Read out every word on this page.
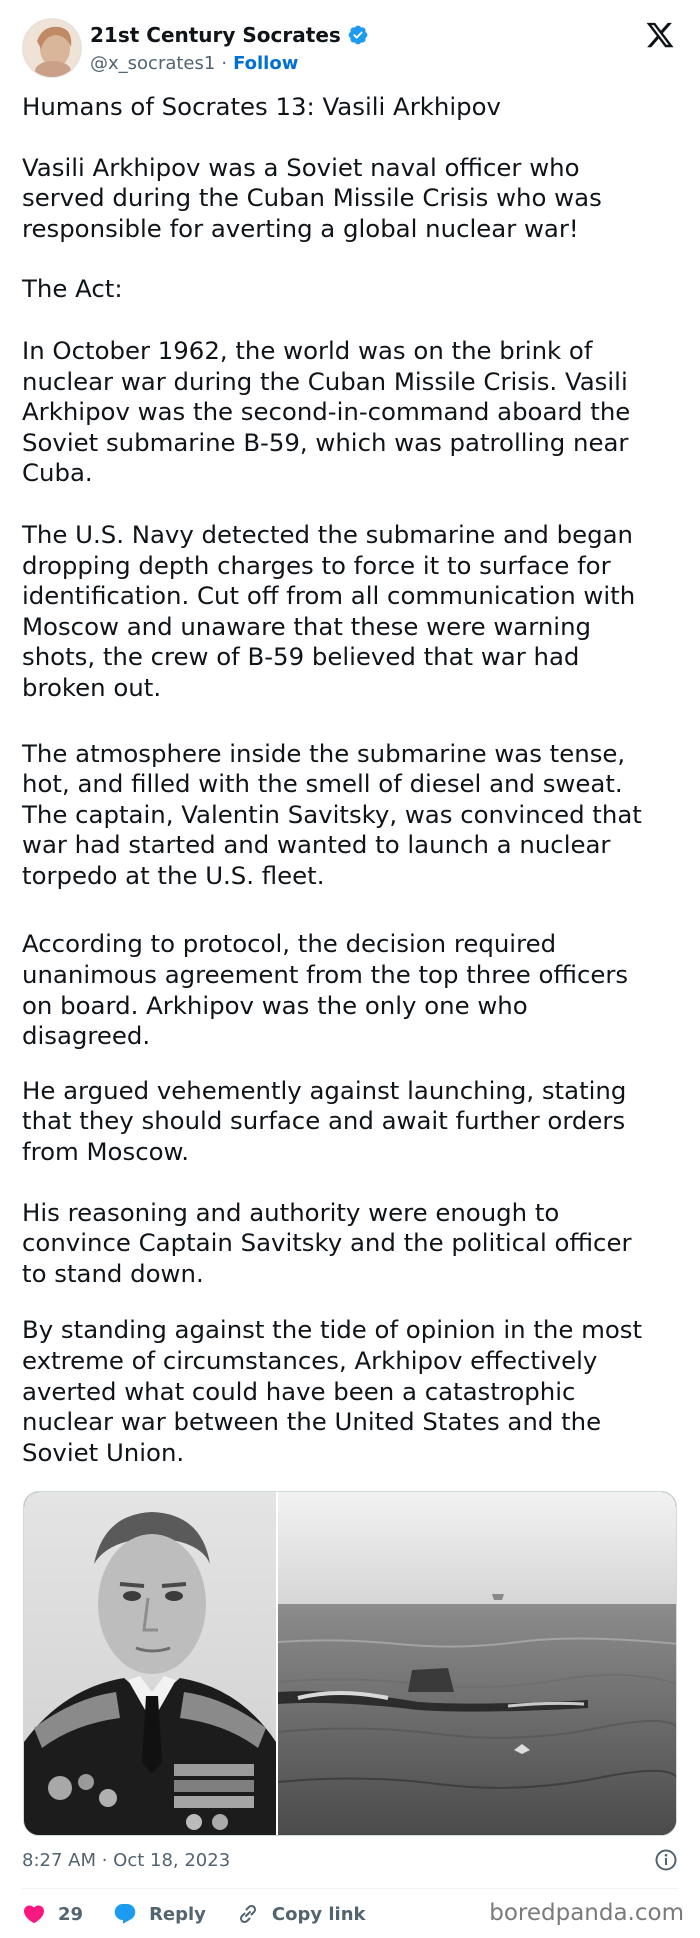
21st Century Socrates
@x_socrates1 · Follow

Humans of Socrates 13: Vasili Arkhipov

Vasili Arkhipov was a Soviet naval officer who
served during the Cuban Missile Crisis who was
responsible for averting a global nuclear war!

The Act:

In October 1962, the world was on the brink of
nuclear war during the Cuban Missile Crisis. Vasili
Arkhipov was the second-in-command aboard the
Soviet submarine B-59, which was patrolling near
Cuba.

The U.S. Navy detected the submarine and began
dropping depth charges to force it to surface for
identification. Cut off from all communication with
Moscow and unaware that these were warning
shots, the crew of B-59 believed that war had
broken out.

The atmosphere inside the submarine was tense,
hot, and filled with the smell of diesel and sweat.
The captain, Valentin Savitsky, was convinced that
war had started and wanted to launch a nuclear
torpedo at the U.S. fleet.

According to protocol, the decision required
unanimous agreement from the top three officers
on board. Arkhipov was the only one who
disagreed.

He argued vehemently against launching, stating
that they should surface and await further orders
from Moscow.

His reasoning and authority were enough to
convince Captain Savitsky and the political officer
to stand down.

By standing against the tide of opinion in the most
extreme of circumstances, Arkhipov effectively
averted what could have been a catastrophic
nuclear war between the United States and the
Soviet Union.

8:27 AM · Oct 18, 2023
29	Reply	Copy link	boredpanda.com
